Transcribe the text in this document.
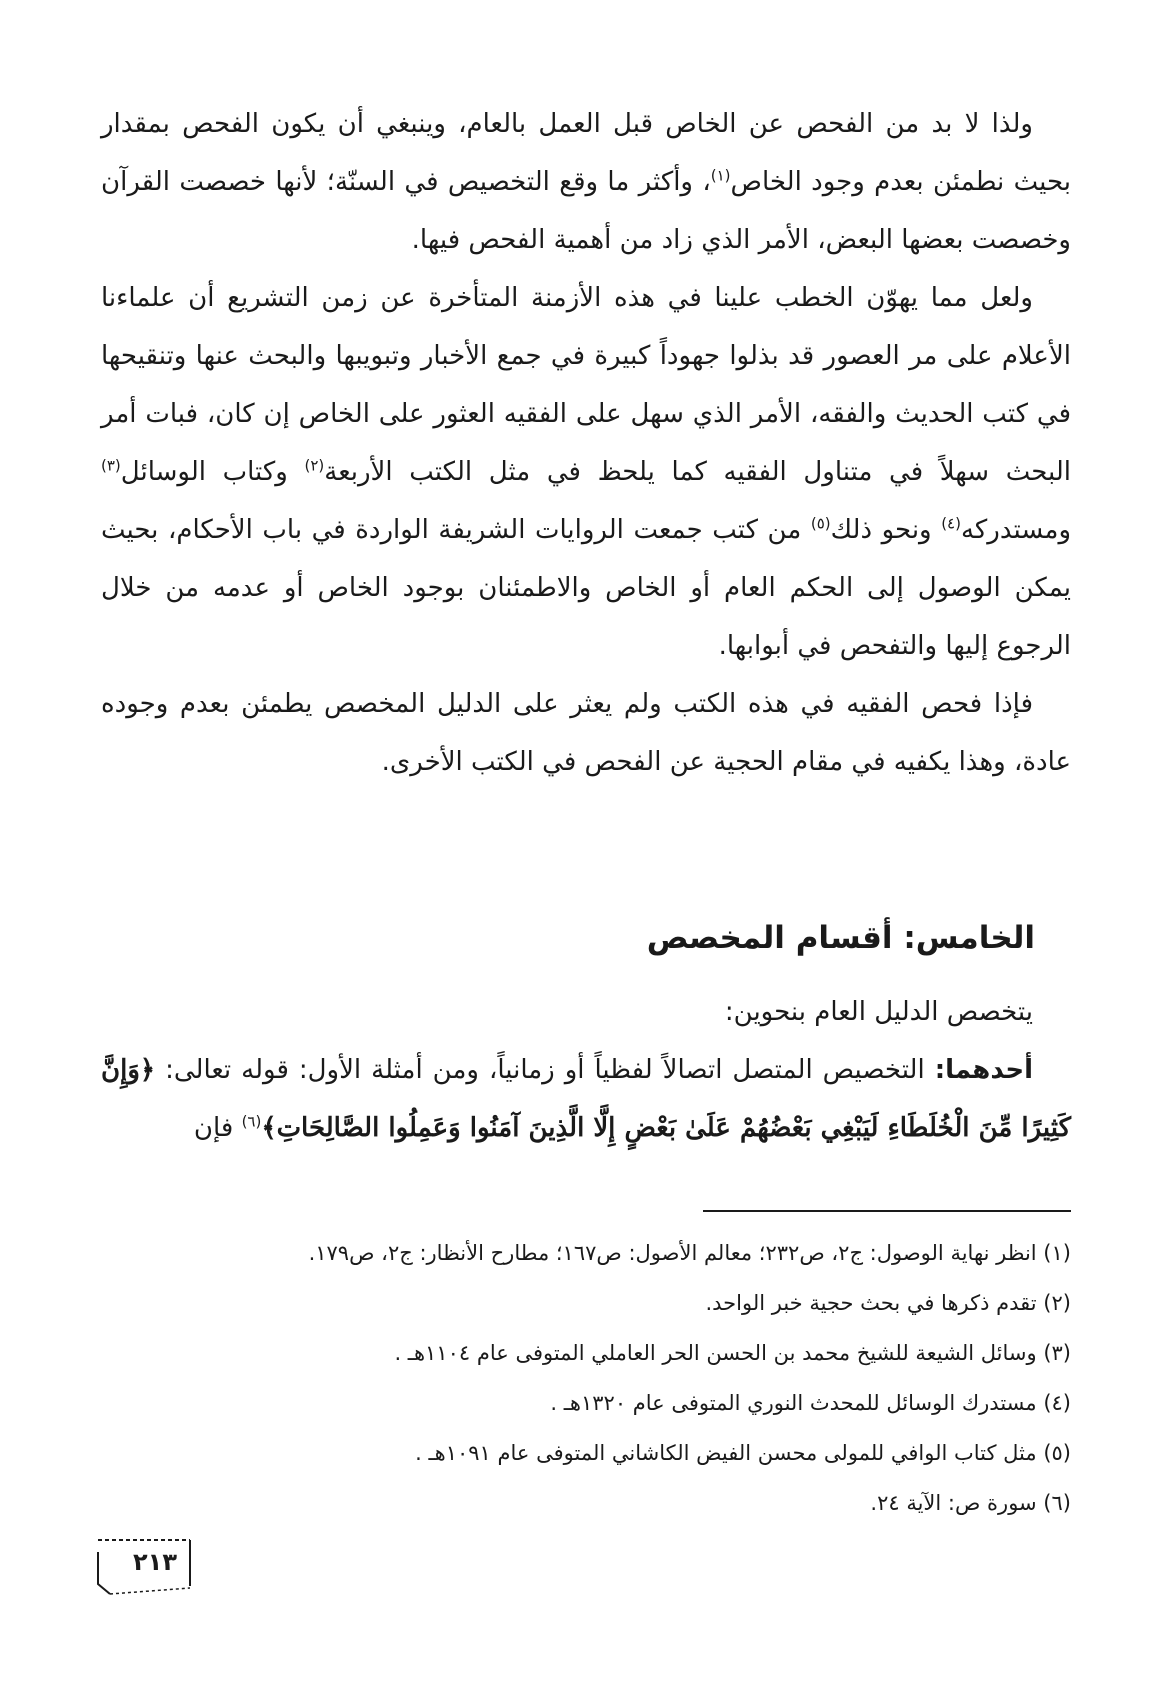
ولذا لا بد من الفحص عن الخاص قبل العمل بالعام، وينبغي أن يكون الفحص بمقدار بحيث نطمئن بعدم وجود الخاص$^{(١)}$، وأكثر ما وقع التخصيص في السنّة؛ لأنها خصصت القرآن وخصصت بعضها البعض، الأمر الذي زاد من أهمية الفحص فيها.

ولعل مما يهوّن الخطب علينا في هذه الأزمنة المتأخرة عن زمن التشريع أن علماءنا الأعلام على مر العصور قد بذلوا جهوداً كبيرة في جمع الأخبار وتبويبها والبحث عنها وتنقيحها في كتب الحديث والفقه، الأمر الذي سهل على الفقيه العثور على الخاص إن كان، فبات أمر البحث سهلاً في متناول الفقيه كما يلحظ في مثل الكتب الأربعة$^{(٢)}$ وكتاب الوسائل$^{(٣)}$ ومستدركه$^{(٤)}$ ونحو ذلك$^{(٥)}$ من كتب جمعت الروايات الشريفة الواردة في باب الأحكام، بحيث يمكن الوصول إلى الحكم العام أو الخاص والاطمئنان بوجود الخاص أو عدمه من خلال الرجوع إليها والتفحص في أبوابها.

فإذا فحص الفقيه في هذه الكتب ولم يعثر على الدليل المخصص يطمئن بعدم وجوده عادة، وهذا يكفيه في مقام الحجية عن الفحص في الكتب الأخرى.

الخامس: أقسام المخصص

يتخصص الدليل العام بنحوين:

أحدهما: التخصيص المتصل اتصالاً لفظياً أو زمانياً، ومن أمثلة الأول: قوله تعالى: ﴿وَإِنَّ كَثِيرًا مِّنَ الْخُلَطَاءِ لَيَبْغِي بَعْضُهُمْ عَلَىٰ بَعْضٍ إِلَّا الَّذِينَ آمَنُوا وَعَمِلُوا الصَّالِحَاتِ﴾$^{(٦)}$ فإن

(١) انظر نهاية الوصول: ج٢، ص٢٣٢؛ معالم الأصول: ص١٦٧؛ مطارح الأنظار: ج٢، ص١٧٩.

(٢) تقدم ذكرها في بحث حجية خبر الواحد.

(٣) وسائل الشيعة للشيخ محمد بن الحسن الحر العاملي المتوفى عام ١١٠٤هـ .

(٤) مستدرك الوسائل للمحدث النوري المتوفى عام ١٣٢٠هـ .

(٥) مثل كتاب الوافي للمولى محسن الفيض الكاشاني المتوفى عام ١٠٩١هـ .

(٦) سورة ص: الآية ٢٤.

٢١٣
